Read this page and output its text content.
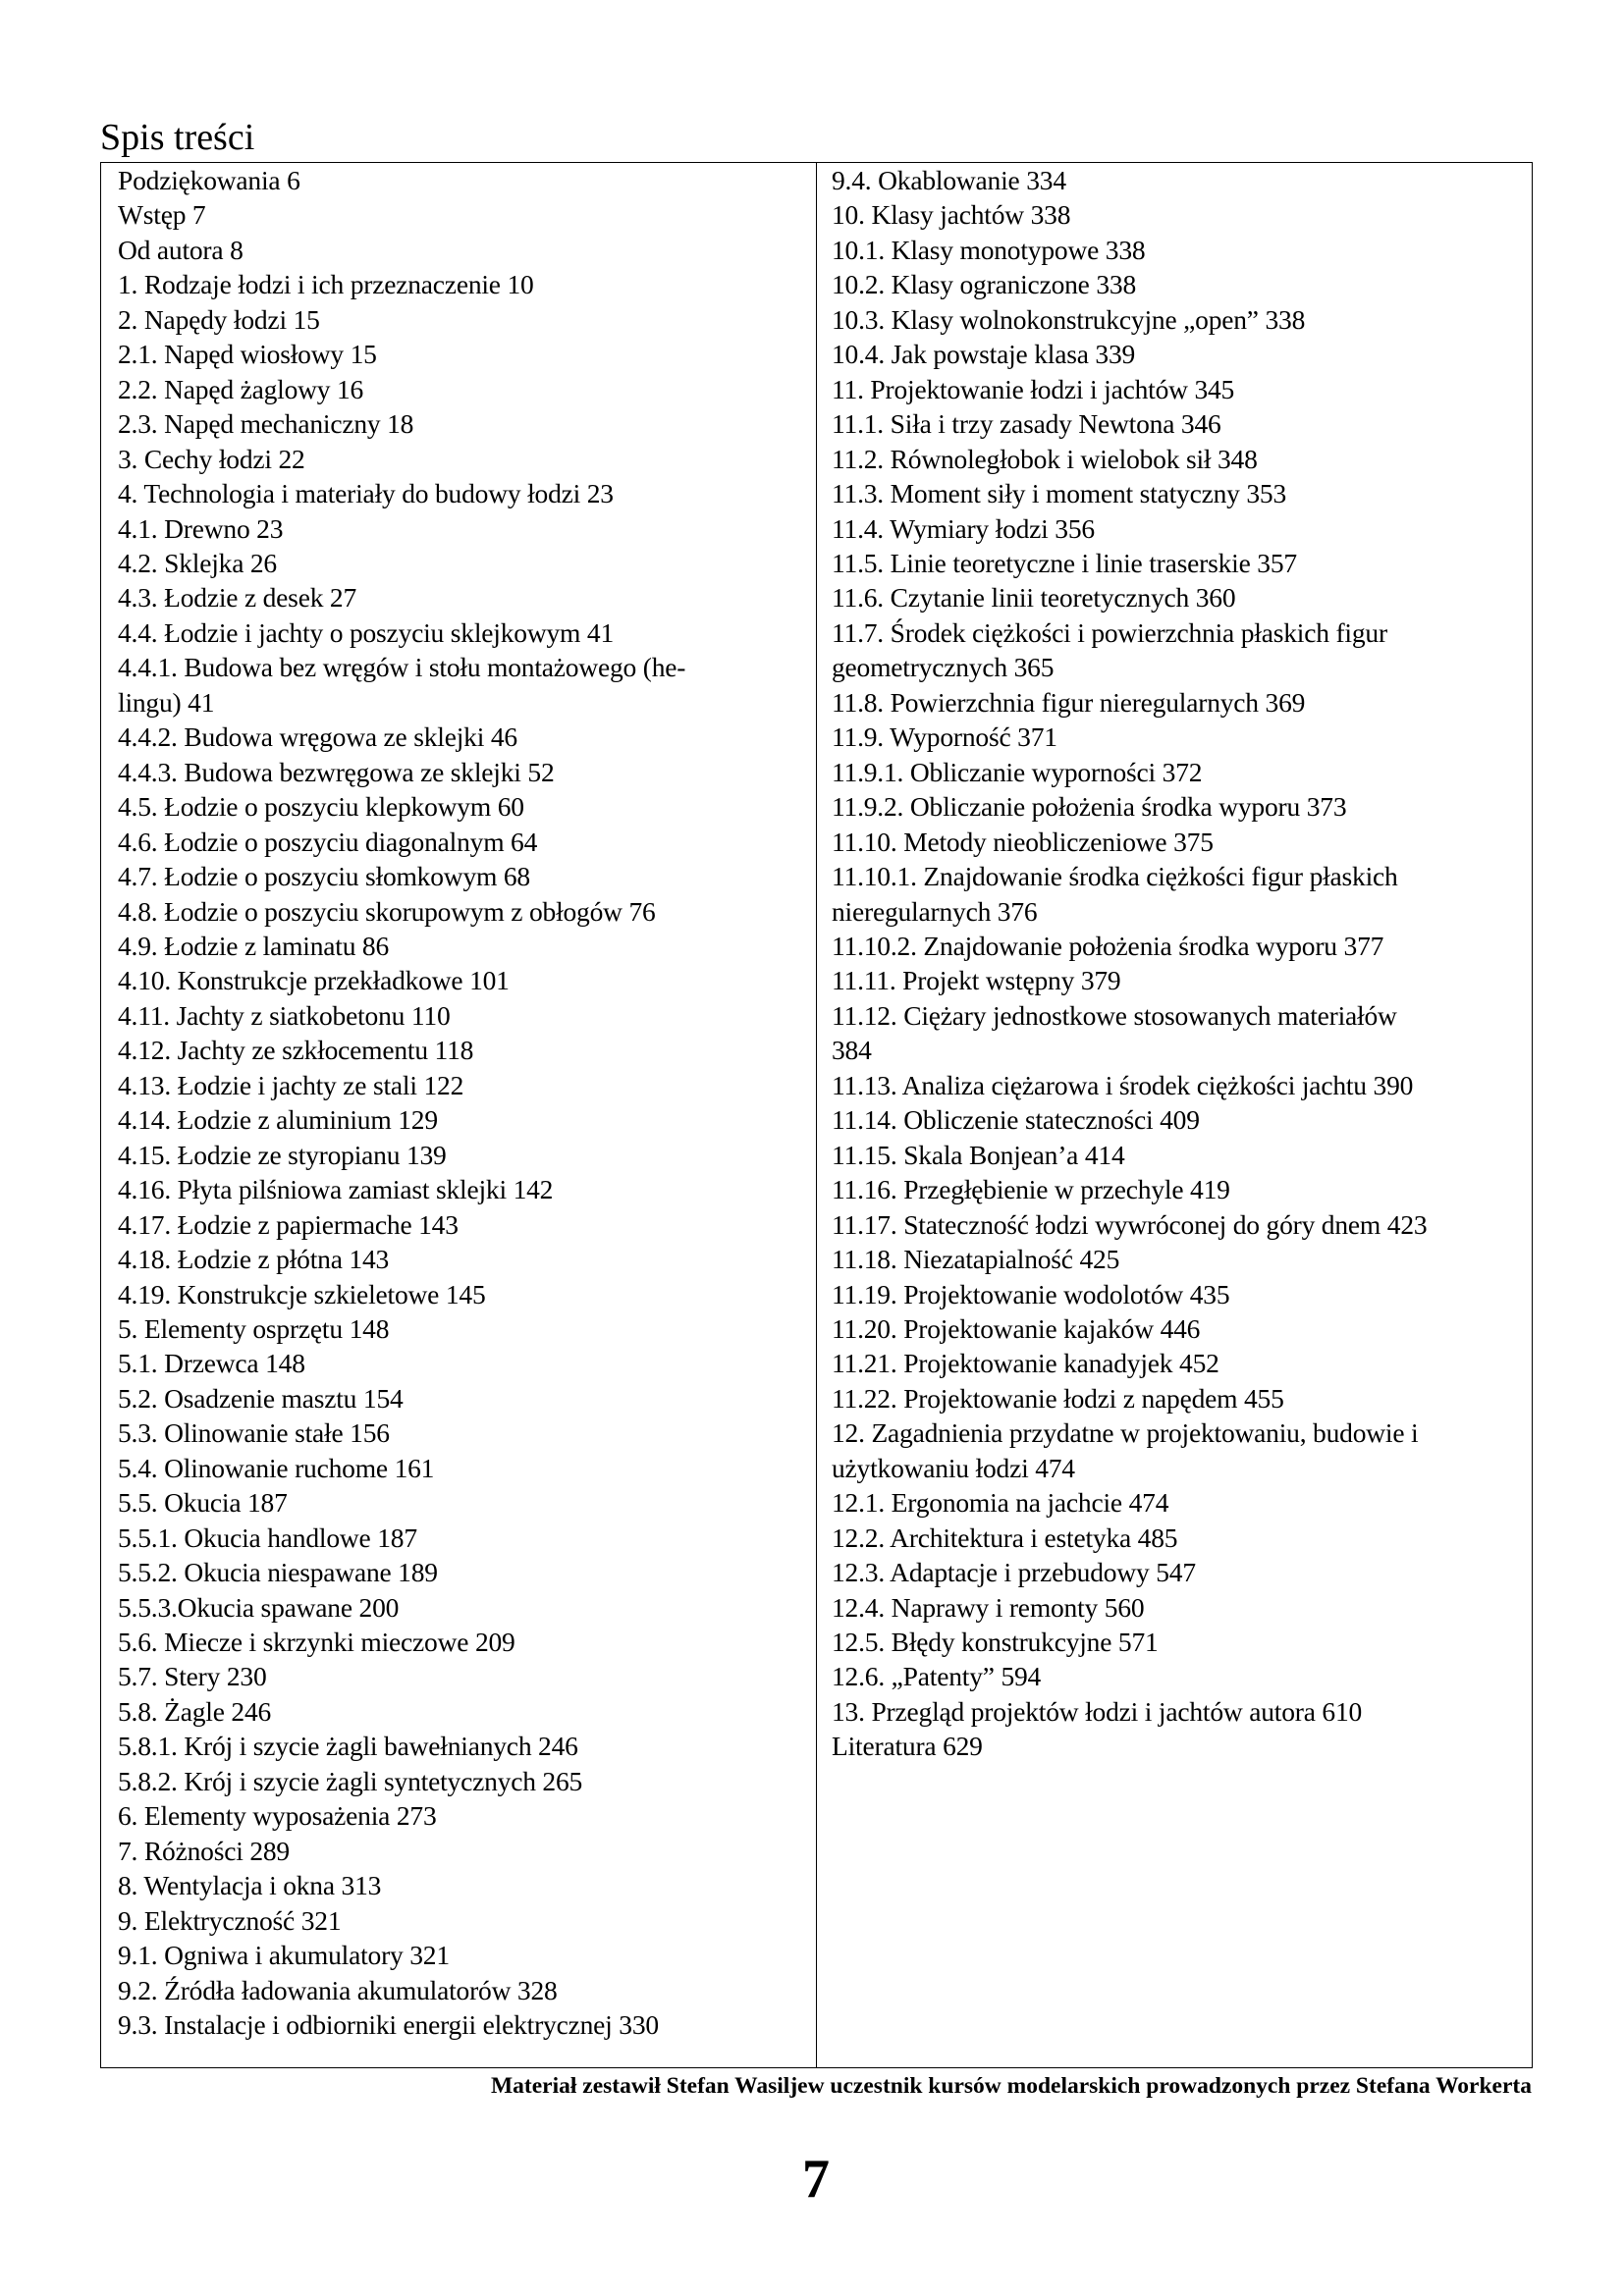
Spis treści
Podziękowania 6
Wstęp 7
Od autora 8
1. Rodzaje łodzi i ich przeznaczenie 10
2. Napędy łodzi 15
2.1. Napęd wiosłowy 15
2.2. Napęd żaglowy 16
2.3. Napęd mechaniczny 18
3. Cechy łodzi 22
4. Technologia i materiały do budowy łodzi 23
4.1. Drewno 23
4.2. Sklejka 26
4.3. Łodzie z desek 27
4.4. Łodzie i jachty o poszyciu sklejkowym 41
4.4.1. Budowa bez wręgów i stołu montażowego (he-
lingu) 41
4.4.2. Budowa wręgowa ze sklejki 46
4.4.3. Budowa bezwręgowa ze sklejki 52
4.5. Łodzie o poszyciu klepkowym 60
4.6. Łodzie o poszyciu diagonalnym 64
4.7. Łodzie o poszyciu słomkowym 68
4.8. Łodzie o poszyciu skorupowym z obłogów 76
4.9. Łodzie z laminatu 86
4.10. Konstrukcje przekładkowe 101
4.11. Jachty z siatkobetonu 110
4.12. Jachty ze szkłocementu 118
4.13. Łodzie i jachty ze stali 122
4.14. Łodzie z aluminium 129
4.15. Łodzie ze styropianu 139
4.16. Płyta pilśniowa zamiast sklejki 142
4.17. Łodzie z papiermache 143
4.18. Łodzie z płótna 143
4.19. Konstrukcje szkieletowe 145
5. Elementy osprzętu 148
5.1. Drzewca 148
5.2. Osadzenie masztu 154
5.3. Olinowanie stałe 156
5.4. Olinowanie ruchome 161
5.5. Okucia 187
5.5.1. Okucia handlowe 187
5.5.2. Okucia niespawane 189
5.5.3.Okucia spawane 200
5.6. Miecze i skrzynki mieczowe 209
5.7. Stery 230
5.8. Żagle 246
5.8.1. Krój i szycie żagli bawełnianych 246
5.8.2. Krój i szycie żagli syntetycznych 265
6. Elementy wyposażenia 273
7. Różności 289
8. Wentylacja i okna 313
9. Elektryczność 321
9.1. Ogniwa i akumulatory 321
9.2. Źródła ładowania akumulatorów 328
9.3. Instalacje i odbiorniki energii elektrycznej 330
9.4. Okablowanie 334
10. Klasy jachtów 338
10.1. Klasy monotypowe 338
10.2. Klasy ograniczone 338
10.3. Klasy wolnokonstrukcyjne „open” 338
10.4. Jak powstaje klasa 339
11. Projektowanie łodzi i jachtów 345
11.1. Siła i trzy zasady Newtona 346
11.2. Równoległobok i wielobok sił 348
11.3. Moment siły i moment statyczny 353
11.4. Wymiary łodzi 356
11.5. Linie teoretyczne i linie traserskie 357
11.6. Czytanie linii teoretycznych 360
11.7. Środek ciężkości i powierzchnia płaskich figur
geometrycznych 365
11.8. Powierzchnia figur nieregularnych 369
11.9. Wyporność 371
11.9.1. Obliczanie wyporności 372
11.9.2. Obliczanie położenia środka wyporu 373
11.10. Metody nieobliczeniowe 375
11.10.1. Znajdowanie środka ciężkości figur płaskich
nieregularnych 376
11.10.2. Znajdowanie położenia środka wyporu 377
11.11. Projekt wstępny 379
11.12. Ciężary jednostkowe stosowanych materiałów
384
11.13. Analiza ciężarowa i środek ciężkości jachtu 390
11.14. Obliczenie stateczności 409
11.15. Skala Bonjean’a 414
11.16. Przegłębienie w przechyle 419
11.17. Stateczność łodzi wywróconej do góry dnem 423
11.18. Niezatapialność 425
11.19. Projektowanie wodolotów 435
11.20. Projektowanie kajaków 446
11.21. Projektowanie kanadyjek 452
11.22. Projektowanie łodzi z napędem 455
12. Zagadnienia przydatne w projektowaniu, budowie i
użytkowaniu łodzi 474
12.1. Ergonomia na jachcie 474
12.2. Architektura i estetyka 485
12.3. Adaptacje i przebudowy 547
12.4. Naprawy i remonty 560
12.5. Błędy konstrukcyjne 571
12.6. „Patenty” 594
13. Przegląd projektów łodzi i jachtów autora 610
Literatura 629
Materiał zestawił Stefan Wasiljew uczestnik kursów modelarskich prowadzonych przez Stefana Workerta
7
